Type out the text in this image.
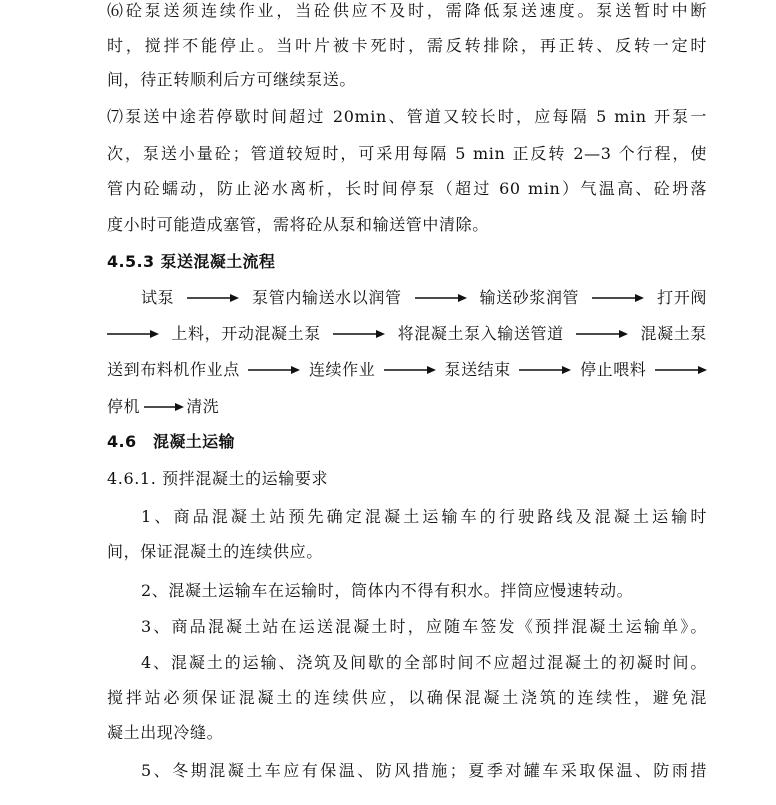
⑹砼泵送须连续作业，当砼供应不及时，需降低泵送速度。泵送暂时中断
时，搅拌不能停止。当叶片被卡死时，需反转排除，再正转、反转一定时
间，待正转顺利后方可继续泵送。
⑺泵送中途若停歇时间超过 20min、管道又较长时，应每隔 5 min 开泵一
次，泵送小量砼；管道较短时，可采用每隔 5 min 正反转 2—3 个行程，使
管内砼蠕动，防止泌水离析，长时间停泵（超过 60 min）气温高、砼坍落
度小时可能造成塞管，需将砼从泵和输送管中清除。
4.5.3 泵送混凝土流程
试泵	泵管内输送水以润管	输送砂浆润管	打开阀
上料，开动混凝土泵	将混凝土泵入输送管道	混凝土泵
送到布料机作业点	连续作业	泵送结束	停止喂料
停机	清洗
4.6　混凝土运输
4.6.1. 预拌混凝土的运输要求
1、商品混凝土站预先确定混凝土运输车的行驶路线及混凝土运输时
间，保证混凝土的连续供应。
2、混凝土运输车在运输时，筒体内不得有积水。拌筒应慢速转动。
3、商品混凝土站在运送混凝土时，应随车签发《预拌混凝土运输单》。
4、混凝土的运输、浇筑及间歇的全部时间不应超过混凝土的初凝时间。
搅拌站必须保证混凝土的连续供应，以确保混凝土浇筑的连续性，避免混
凝土出现冷缝。
5、冬期混凝土车应有保温、防风措施；夏季对罐车采取保温、防雨措
